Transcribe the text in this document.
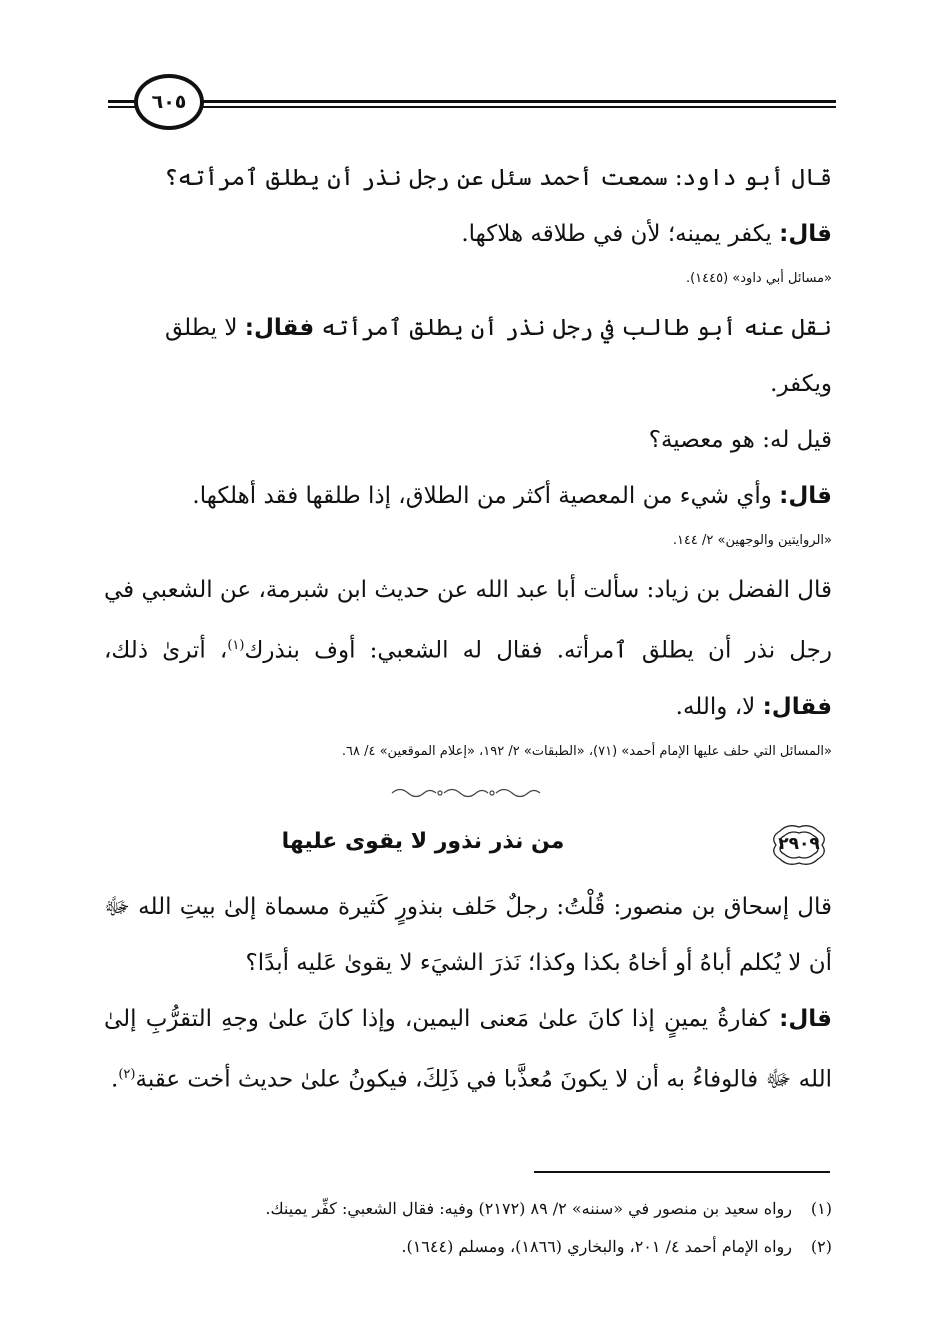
٦٠٥

قال أبو داود: سمعت أحمد سئل عن رجل نذر أن يطلق ٱمرأته؟

قال: يكفر يمينه؛ لأن في طلاقه هلاكها.

«مسائل أبي داود» (١٤٤٥).

نقل عنه أبو طالب في رجل نذر أن يطلق ٱمرأته فقال: لا يطلق ويكفر.

قيل له: هو معصية؟

قال: وأي شيء من المعصية أكثر من الطلاق، إذا طلقها فقد أهلكها.

«الروايتين والوجهين» ٢/ ١٤٤.

قال الفضل بن زياد: سألت أبا عبد الله عن حديث ابن شبرمة، عن الشعبي في رجل نذر أن يطلق ٱمرأته. فقال له الشعبي: أوف بنذرك$^{(١)}$، أترىٰ ذلك، فقال: لا، والله.

«المسائل التي حلف عليها الإمام أحمد» (٧١)، «الطبقات» ٢/ ١٩٢، «إعلام الموقعين» ٤/ ٦٨.

٢٩٠٩
من نذر نذور لا يقوى عليها

قال إسحاق بن منصور: قُلْتُ: رجلٌ حَلف بنذورٍ كَثيرة مسماة إلىٰ بيتِ الله ﷻ أن لا يُكلم أباهُ أو أخاهُ بكذا وكذا؛ نَذرَ الشيَء لا يقوىٰ عَليه أبدًا؟

قال: كفارةُ يمينٍ إذا كانَ علىٰ مَعنى اليمين، وإذا كانَ علىٰ وجهِ التقرُّبِ إلىٰ الله ﷻ فالوفاءُ به أن لا يكونَ مُعذَّبا في ذَلِكَ، فيكونُ علىٰ حديث أخت عقبة$^{(٢)}$.

(١)رواه سعيد بن منصور في «سننه» ٢/ ٨٩ (٢١٧٢) وفيه: فقال الشعبي: كفِّر يمينك.

(٢)رواه الإمام أحمد ٤/ ٢٠١، والبخاري (١٨٦٦)، ومسلم (١٦٤٤).
